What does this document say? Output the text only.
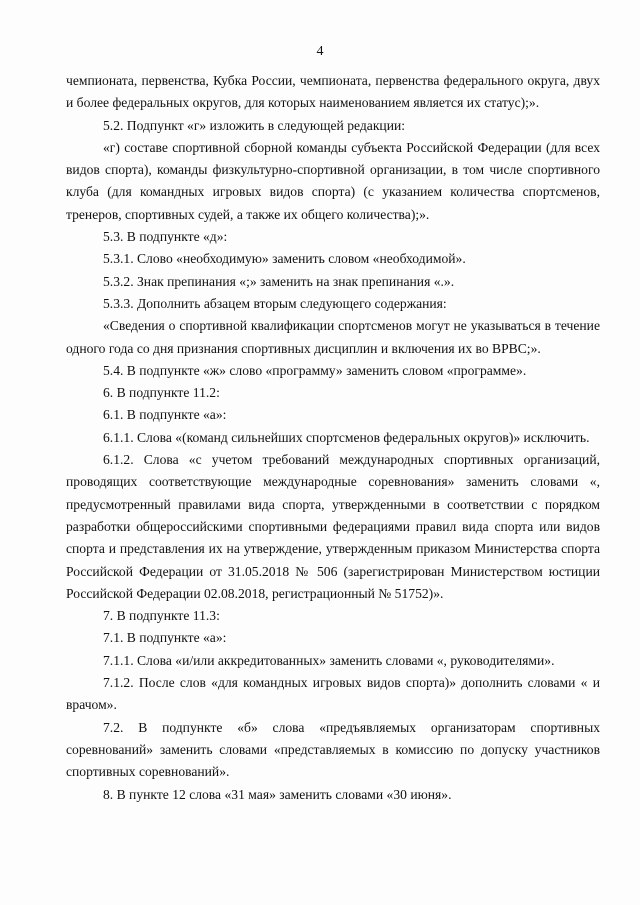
4

чемпионата, первенства, Кубка России, чемпионата, первенства федерального округа, двух и более федеральных округов, для которых наименованием является их статус);».

5.2. Подпункт «г» изложить в следующей редакции:

«г) составе спортивной сборной команды субъекта Российской Федерации (для всех видов спорта), команды физкультурно-спортивной организации, в том числе спортивного клуба (для командных игровых видов спорта) (с указанием количества спортсменов, тренеров, спортивных судей, а также их общего количества);».

5.3. В подпункте «д»:

5.3.1. Слово «необходимую» заменить словом «необходимой».

5.3.2. Знак препинания «;» заменить на знак препинания «.».

5.3.3. Дополнить абзацем вторым следующего содержания:

«Сведения о спортивной квалификации спортсменов могут не указываться в течение одного года со дня признания спортивных дисциплин и включения их во ВРВС;».

5.4. В подпункте «ж» слово «программу» заменить словом «программе».

6. В подпункте 11.2:

6.1. В подпункте «а»:

6.1.1. Слова «(команд сильнейших спортсменов федеральных округов)» исключить.

6.1.2. Слова «с учетом требований международных спортивных организаций, проводящих соответствующие международные соревнования» заменить словами «, предусмотренный правилами вида спорта, утвержденными в соответствии с порядком разработки общероссийскими спортивными федерациями правил вида спорта или видов спорта и представления их на утверждение, утвержденным приказом Министерства спорта Российской Федерации от 31.05.2018 № 506 (зарегистрирован Министерством юстиции Российской Федерации 02.08.2018, регистрационный № 51752)».

7. В подпункте 11.3:

7.1. В подпункте «а»:

7.1.1. Слова «и/или аккредитованных» заменить словами «, руководителями».

7.1.2. После слов «для командных игровых видов спорта)» дополнить словами « и врачом».

7.2. В подпункте «б» слова «предъявляемых организаторам спортивных соревнований» заменить словами «представляемых в комиссию по допуску участников спортивных соревнований».

8. В пункте 12 слова «31 мая» заменить словами «30 июня».
